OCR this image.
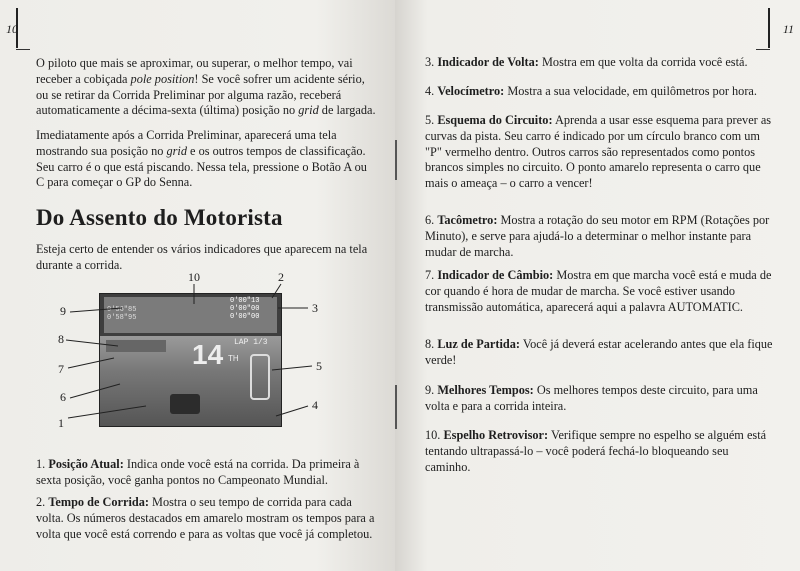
10

O piloto que mais se aproximar, ou superar, o melhor tempo, vai receber a cobiçada pole position! Se você sofrer um acidente sério, ou se retirar da Corrida Preliminar por alguma razão, receberá automaticamente a décima-sexta (última) posição no grid de largada.

Imediatamente após a Corrida Preliminar, aparecerá uma tela mostrando sua posição no grid e os outros tempos de classificação. Seu carro é o que está piscando. Nessa tela, pressione o Botão A ou C para começar o GP do Senna.

Do Assento do Motorista

Esteja certo de entender os vários indicadores que aparecem na tela durante a corrida.

0'00"13
0'00"00
0'00"00
0'56"85
0'58"95
14 TH
LAP 1/3
10	2
9	3
8
5
7
6
4
1
1. Posição Atual: Indica onde você está na corrida. Da primeira à sexta posição, você ganha pontos no Campeonato Mundial.
2. Tempo de Corrida: Mostra o seu tempo de corrida para cada volta. Os números destacados em amarelo mostram os tempos para a volta que você está correndo e para as voltas que você já completou.
11
3. Indicador de Volta: Mostra em que volta da corrida você está.
4. Velocímetro: Mostra a sua velocidade, em quilômetros por hora.
5. Esquema do Circuito: Aprenda a usar esse esquema para prever as curvas da pista. Seu carro é indicado por um círculo branco com um "P" vermelho dentro. Outros carros são representados como pontos brancos simples no circuito. O ponto amarelo representa o carro que mais o ameaça – o carro a vencer!
6. Tacômetro: Mostra a rotação do seu motor em RPM (Rotações por Minuto), e serve para ajudá-lo a determinar o melhor instante para mudar de marcha.
7. Indicador de Câmbio: Mostra em que marcha você está e muda de cor quando é hora de mudar de marcha. Se você estiver usando transmissão automática, aparecerá aqui a palavra AUTOMATIC.
8. Luz de Partida: Você já deverá estar acelerando antes que ela fique verde!
9. Melhores Tempos: Os melhores tempos deste circuito, para uma volta e para a corrida inteira.
10. Espelho Retrovisor: Verifique sempre no espelho se alguém está tentando ultrapassá-lo – você poderá fechá-lo bloqueando seu caminho.
